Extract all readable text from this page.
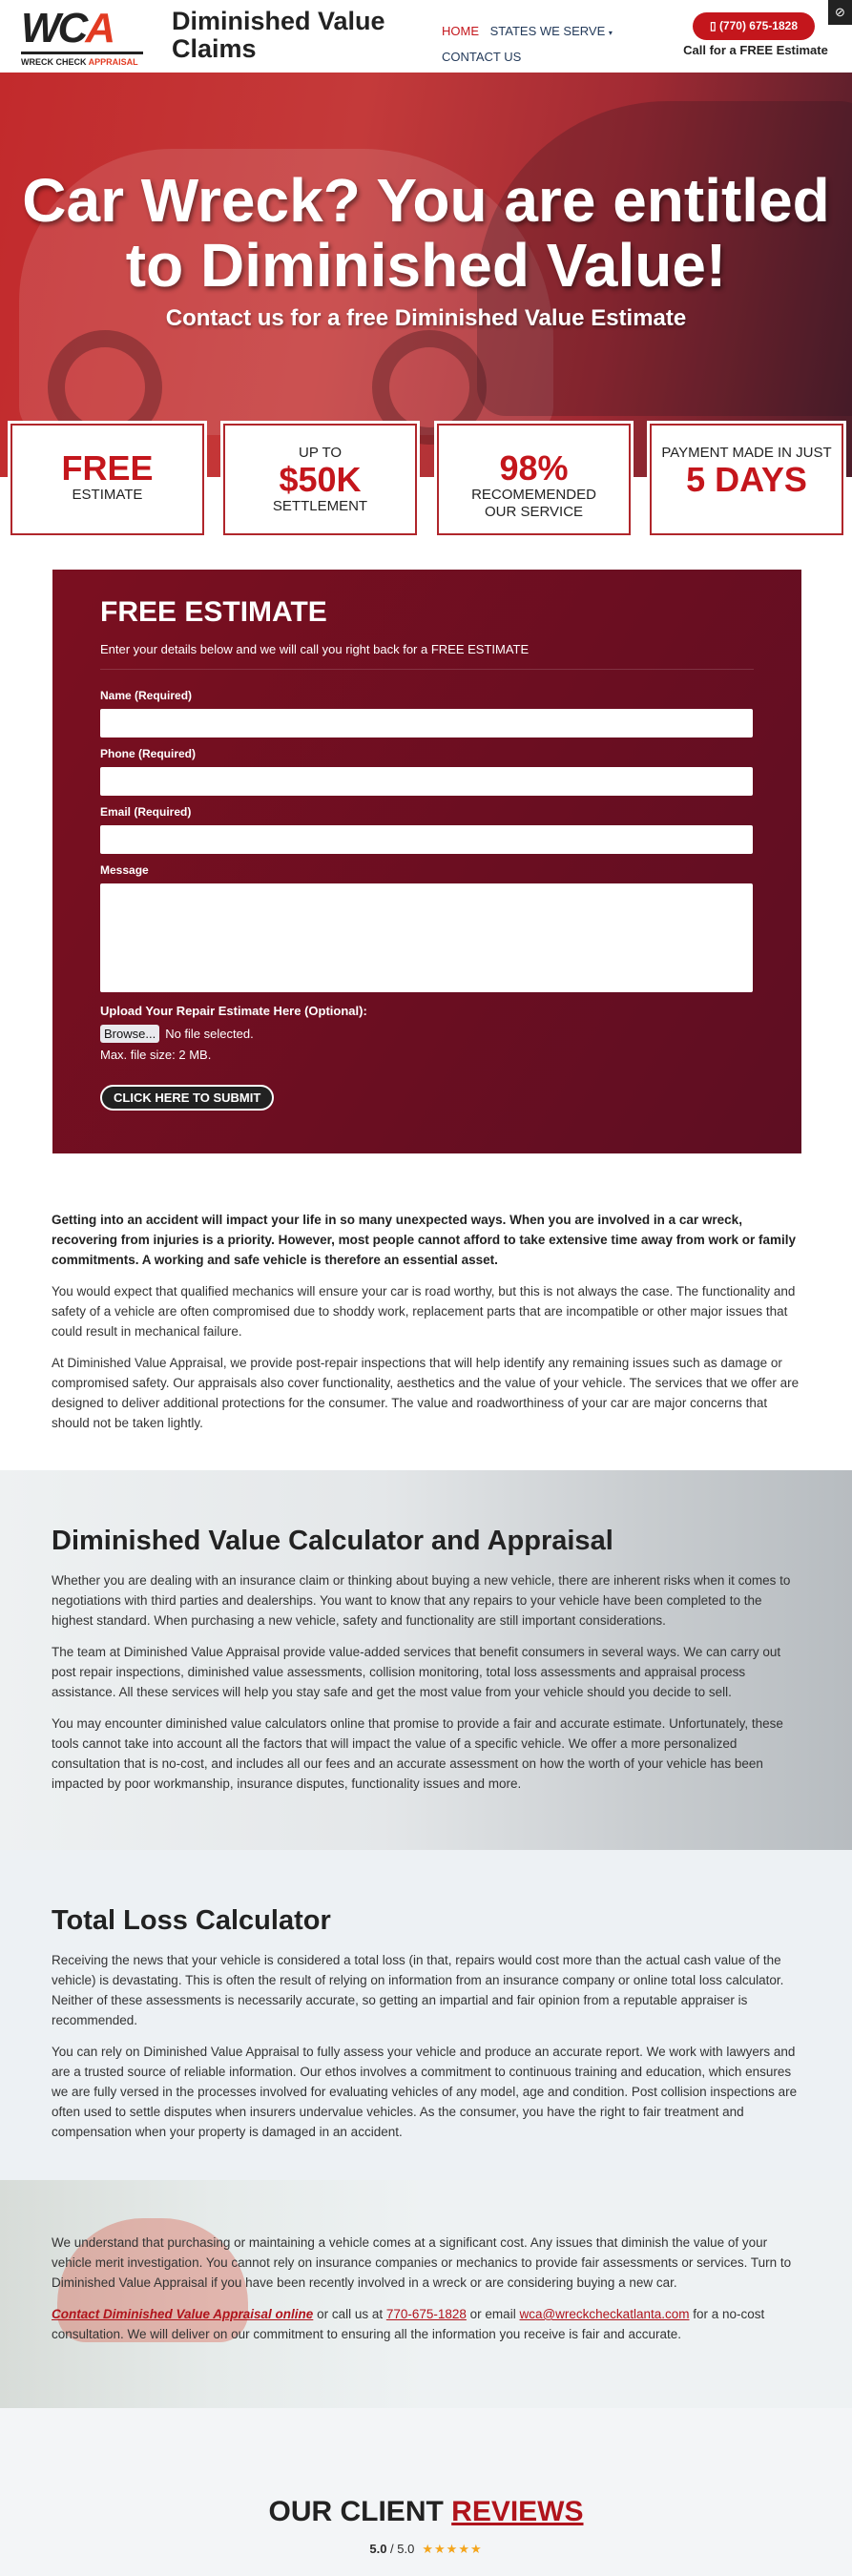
WCA
WRECK CHECK APPRAISAL
Diminished Value Claims
HOME STATES WE SERVE ▾
CONTACT US
▯ (770) 675-1828
Call for a FREE Estimate
⊘
Car Wreck? You are entitled to Diminished Value!
Contact us for a free Diminished Value Estimate
FREE
ESTIMATE
UP TO
$50K
SETTLEMENT
98%
RECOMEMENDED OUR SERVICE
PAYMENT MADE IN JUST
5 DAYS
FREE ESTIMATE
Enter your details below and we will call you right back for a FREE ESTIMATE
Name (Required)
Phone (Required)
Email (Required)
Message
Upload Your Repair Estimate Here (Optional):
Browse... No file selected.
Max. file size: 2 MB.
CLICK HERE TO SUBMIT

Getting into an accident will impact your life in so many unexpected ways. When you are involved in a car wreck, recovering from injuries is a priority. However, most people cannot afford to take extensive time away from work or family commitments. A working and safe vehicle is therefore an essential asset.

You would expect that qualified mechanics will ensure your car is road worthy, but this is not always the case. The functionality and safety of a vehicle are often compromised due to shoddy work, replacement parts that are incompatible or other major issues that could result in mechanical failure.

At Diminished Value Appraisal, we provide post-repair inspections that will help identify any remaining issues such as damage or compromised safety. Our appraisals also cover functionality, aesthetics and the value of your vehicle. The services that we offer are designed to deliver additional protections for the consumer. The value and roadworthiness of your car are major concerns that should not be taken lightly.

Diminished Value Calculator and Appraisal

Whether you are dealing with an insurance claim or thinking about buying a new vehicle, there are inherent risks when it comes to negotiations with third parties and dealerships. You want to know that any repairs to your vehicle have been completed to the highest standard. When purchasing a new vehicle, safety and functionality are still important considerations.

The team at Diminished Value Appraisal provide value-added services that benefit consumers in several ways. We can carry out post repair inspections, diminished value assessments, collision monitoring, total loss assessments and appraisal process assistance. All these services will help you stay safe and get the most value from your vehicle should you decide to sell.

You may encounter diminished value calculators online that promise to provide a fair and accurate estimate. Unfortunately, these tools cannot take into account all the factors that will impact the value of a specific vehicle. We offer a more personalized consultation that is no-cost, and includes all our fees and an accurate assessment on how the worth of your vehicle has been impacted by poor workmanship, insurance disputes, functionality issues and more.

Total Loss Calculator

Receiving the news that your vehicle is considered a total loss (in that, repairs would cost more than the actual cash value of the vehicle) is devastating. This is often the result of relying on information from an insurance company or online total loss calculator. Neither of these assessments is necessarily accurate, so getting an impartial and fair opinion from a reputable appraiser is recommended.

You can rely on Diminished Value Appraisal to fully assess your vehicle and produce an accurate report. We work with lawyers and are a trusted source of reliable information. Our ethos involves a commitment to continuous training and education, which ensures we are fully versed in the processes involved for evaluating vehicles of any model, age and condition. Post collision inspections are often used to settle disputes when insurers undervalue vehicles. As the consumer, you have the right to fair treatment and compensation when your property is damaged in an accident.

We understand that purchasing or maintaining a vehicle comes at a significant cost. Any issues that diminish the value of your vehicle merit investigation. You cannot rely on insurance companies or mechanics to provide fair assessments or services. Turn to Diminished Value Appraisal if you have been recently involved in a wreck or are considering buying a new car.

Contact Diminished Value Appraisal online or call us at 770-675-1828 or email wca@wreckcheckatlanta.com for a no-cost consultation. We will deliver on our commitment to ensuring all the information you receive is fair and accurate.

OUR CLIENT REVIEWS
5.0 / 5.0 ★★★★★
